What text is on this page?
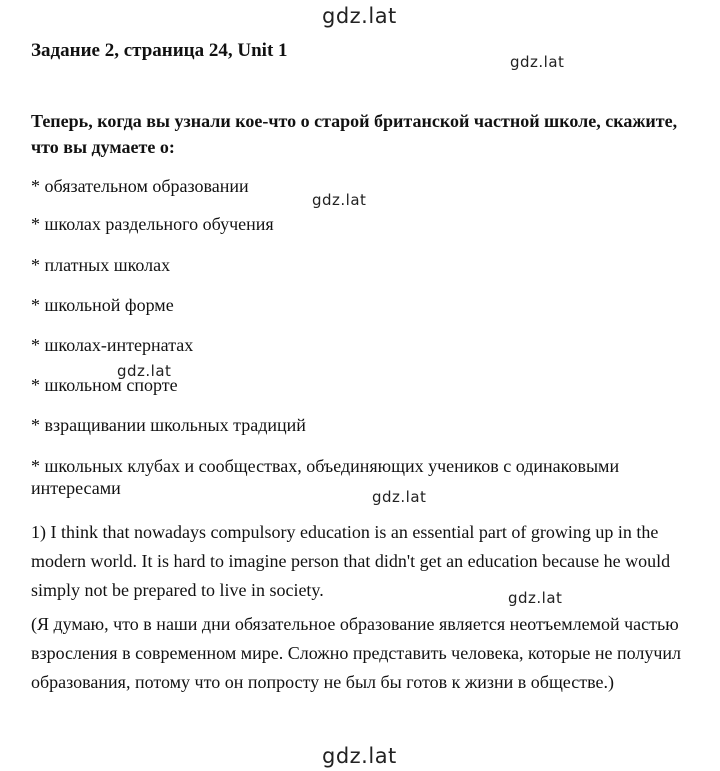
Задание 2, страница 24, Unit 1
Теперь, когда вы узнали кое-что о старой британской частной школе, скажите, что вы думаете о:
* обязательном образовании
* школах раздельного обучения
* платных школах
* школьной форме
* школах-интернатах
* школьном спорте
* взращивании школьных традиций
* школьных клубах и сообществах, объединяющих учеников с одинаковыми интересами
1) I think that nowadays compulsory education is an essential part of growing up in the modern world. It is hard to imagine person that didn't get an education because he would simply not be prepared to live in society.
(Я думаю, что в наши дни обязательное образование является неотъемлемой частью взросления в современном мире. Сложно представить человека, которые не получил образования, потому что он попросту не был бы готов к жизни в обществе.)
gdz.lat
gdz.lat
gdz.lat
gdz.lat
gdz.lat
gdz.lat
gdz.lat
